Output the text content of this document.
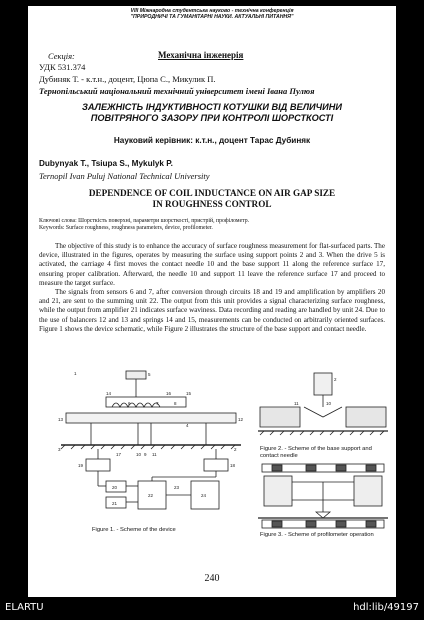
VIII Міжнародна студентська науково - технічна конференція
"ПРИРОДНИЧІ ТА ГУМАНІТАРНІ НАУКИ. АКТУАЛЬНІ ПИТАННЯ"
Секція:	Механічна інженерія
УДК 531.374
Дубиняк Т. - к.т.н., доцент, Цюпа С., Микулик П.
Тернопільський національний технічний університет імені Івана Пулюя
ЗАЛЕЖНІСТЬ ІНДУКТИВНОСТІ КОТУШКИ ВІД ВЕЛИЧИНИ
ПОВІТРЯНОГО ЗАЗОРУ ПРИ КОНТРОЛІ ШОРСТКОСТІ
Науковий керівник: к.т.н., доцент Тарас Дубиняк
Dubynyak T., Tsiupa S., Mykulyk P.
Ternopil Ivan Puluj National Technical University
DEPENDENCE OF COIL INDUCTANCE ON AIR GAP SIZE
IN ROUGHNESS CONTROL
Ключові слова: Шорсткість поверхні, параметри шорсткості, пристрій, профілометр.
Keywords: Surface roughness, roughness parameters, device, profilometer.

The objective of this study is to enhance the accuracy of surface roughness measurement for flat-surfaced parts. The device, illustrated in the figures, operates by measuring the surface using support points 2 and 3. When the drive 5 is activated, the carriage 4 first moves the contact needle 10 and the base support 11 along the reference surface 17, ensuring proper calibration. Afterward, the needle 10 and support 11 leave the reference surface 17 and proceed to measure the target surface.

The signals from sensors 6 and 7, after conversion through circuits 18 and 19 and amplification by amplifiers 20 and 21, are sent to the summing unit 22. The output from this unit provides a signal characterizing surface roughness, while the output from amplifier 21 indicates surface waviness. Data recording and reading are handled by unit 24. Due to the use of balancers 12 and 13 and springs 14 and 15, measurements can be conducted on arbitrarily oriented surfaces. Figure 1 shows the device schematic, while Figure 2 illustrates the structure of the base support and contact needle.

1
2
3
4
5
6	7	8
9
10 11
12
13
14	15
16
17
18
19
20
21
22
23
24
Figure 1. - Scheme of the device
2
10
11
Figure 2. - Scheme of the base support and contact needle
Figure 3. - Scheme of profilometer operation
240
ELARTU	hdl:lib/49197
